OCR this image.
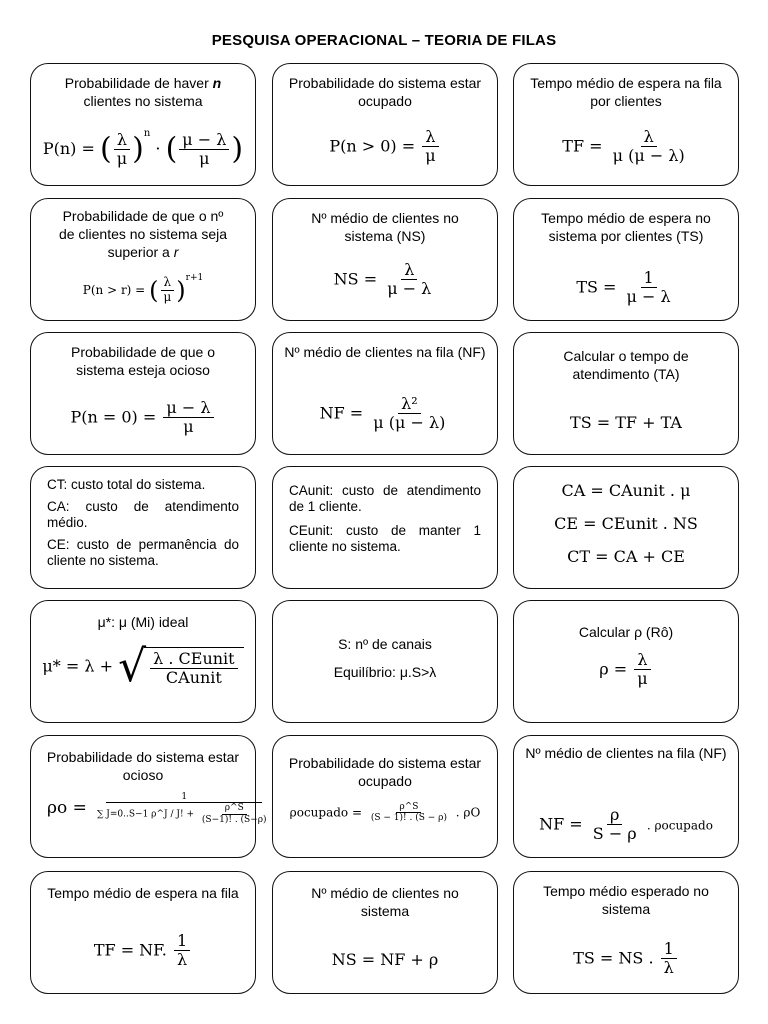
PESQUISA OPERACIONAL – TEORIA DE FILAS
Probabilidade de haver n
clientes no sistema
P(n) = ( $\frac{\lambda}{\mu} )^n$ · ( $\frac{\mu - \lambda}{\mu}$ )
Probabilidade do sistema estar ocupado
$P(n > 0) = \frac{\lambda}{\mu}$
Tempo médio de espera na fila por clientes
TF = $\frac{\lambda}{\mu (\mu - \lambda)}$
Probabilidade de que o nº
de clientes no sistema seja
superior a r
P(n > r) = ( $\frac{\lambda}{\mu} )^{r+1}$
Nº médio de clientes no sistema (NS)
NS = $\frac{\lambda}{\mu - \lambda}$
Tempo médio de espera no sistema por clientes (TS)
TS = $\frac{1}{\mu - \lambda}$
Probabilidade de que o sistema esteja ocioso
$P(n = 0) = \frac{\mu - \lambda}{\mu}$
Nº médio de clientes na fila (NF)
NF = $\frac{\text{λ²}}{\mu (\mu - \lambda)}$
Calcular o tempo de atendimento (TA)
TS = TF + TA

CT: custo total do sistema.

CA: custo de atendimento médio.

CE: custo de permanência do cliente no sistema.

CAunit: custo de atendimento de 1 cliente.

CEunit: custo de manter 1 cliente no sistema.

CA = CAunit . μ
CE = CEunit . NS
CT = CA + CE
μ*: μ (Mi) ideal
μ* = λ + √ $\frac{\text{λ . CEunit}}{\text{CAunit}}$
S: nº de canais
Equilíbrio: μ.S>λ
Calcular ρ (Rô)
$\rho = \frac{\lambda}{\mu}$
Probabilidade do sistema estar ocioso
$\rho o = \frac{1}{\sum J=0..S-1 \rho\^{}J / J! + \frac{\rho\^{}S}{(S-1)! . (S-\rho)}}$
Probabilidade do sistema estar ocupado
ρocupado = $\frac{\rho\^{}S}{(S - 1)! . (S - \rho)}$ . ρO
Nº médio de clientes na fila (NF)
NF = $\frac{\rho}{S - \rho}$ . ρocupado
Tempo médio de espera na fila
TF = NF. $\frac{1}{\lambda}$
Nº médio de clientes no sistema
NS = NF + ρ
Tempo médio esperado no sistema
TS = NS . $\frac{1}{\lambda}$
